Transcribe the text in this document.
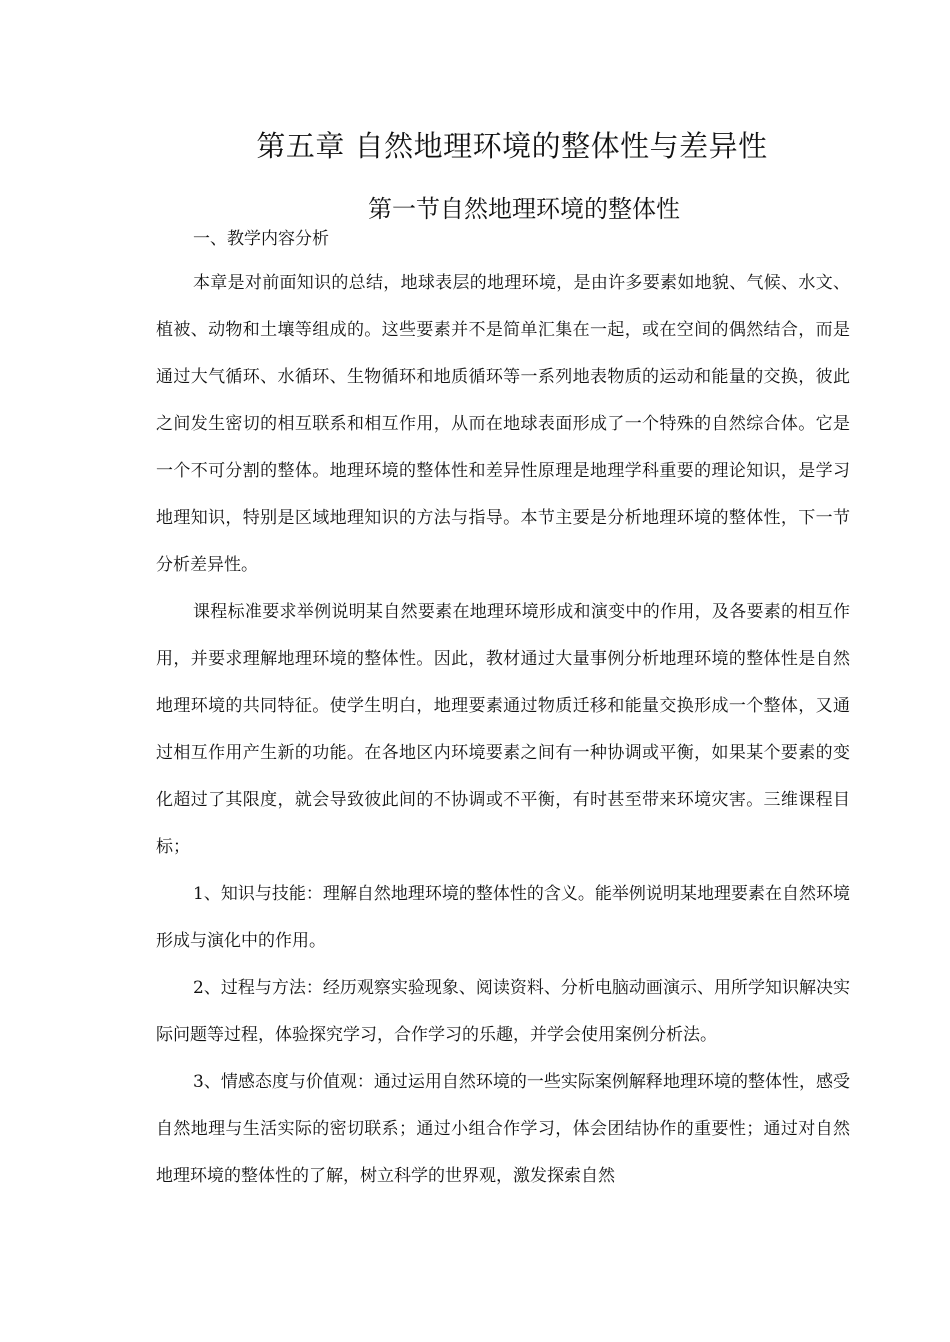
第五章 自然地理环境的整体性与差异性
第一节自然地理环境的整体性
一、教学内容分析

本章是对前面知识的总结，地球表层的地理环境，是由许多要素如地貌、气候、水文、植被、动物和土壤等组成的。这些要素并不是简单汇集在一起，或在空间的偶然结合，而是通过大气循环、水循环、生物循环和地质循环等一系列地表物质的运动和能量的交换，彼此之间发生密切的相互联系和相互作用，从而在地球表面形成了一个特殊的自然综合体。它是一个不可分割的整体。地理环境的整体性和差异性原理是地理学科重要的理论知识，是学习地理知识，特别是区域地理知识的方法与指导。本节主要是分析地理环境的整体性，下一节分析差异性。

课程标准要求举例说明某自然要素在地理环境形成和演变中的作用，及各要素的相互作用，并要求理解地理环境的整体性。因此，教材通过大量事例分析地理环境的整体性是自然地理环境的共同特征。使学生明白，地理要素通过物质迁移和能量交换形成一个整体，又通过相互作用产生新的功能。在各地区内环境要素之间有一种协调或平衡，如果某个要素的变化超过了其限度，就会导致彼此间的不协调或不平衡，有时甚至带来环境灾害。三维课程目标；

1、知识与技能：理解自然地理环境的整体性的含义。能举例说明某地理要素在自然环境形成与演化中的作用。

2、过程与方法：经历观察实验现象、阅读资料、分析电脑动画演示、用所学知识解决实际问题等过程，体验探究学习，合作学习的乐趣，并学会使用案例分析法。

3、情感态度与价值观：通过运用自然环境的一些实际案例解释地理环境的整体性，感受自然地理与生活实际的密切联系；通过小组合作学习，体会团结协作的重要性；通过对自然地理环境的整体性的了解，树立科学的世界观，激发探索自然
